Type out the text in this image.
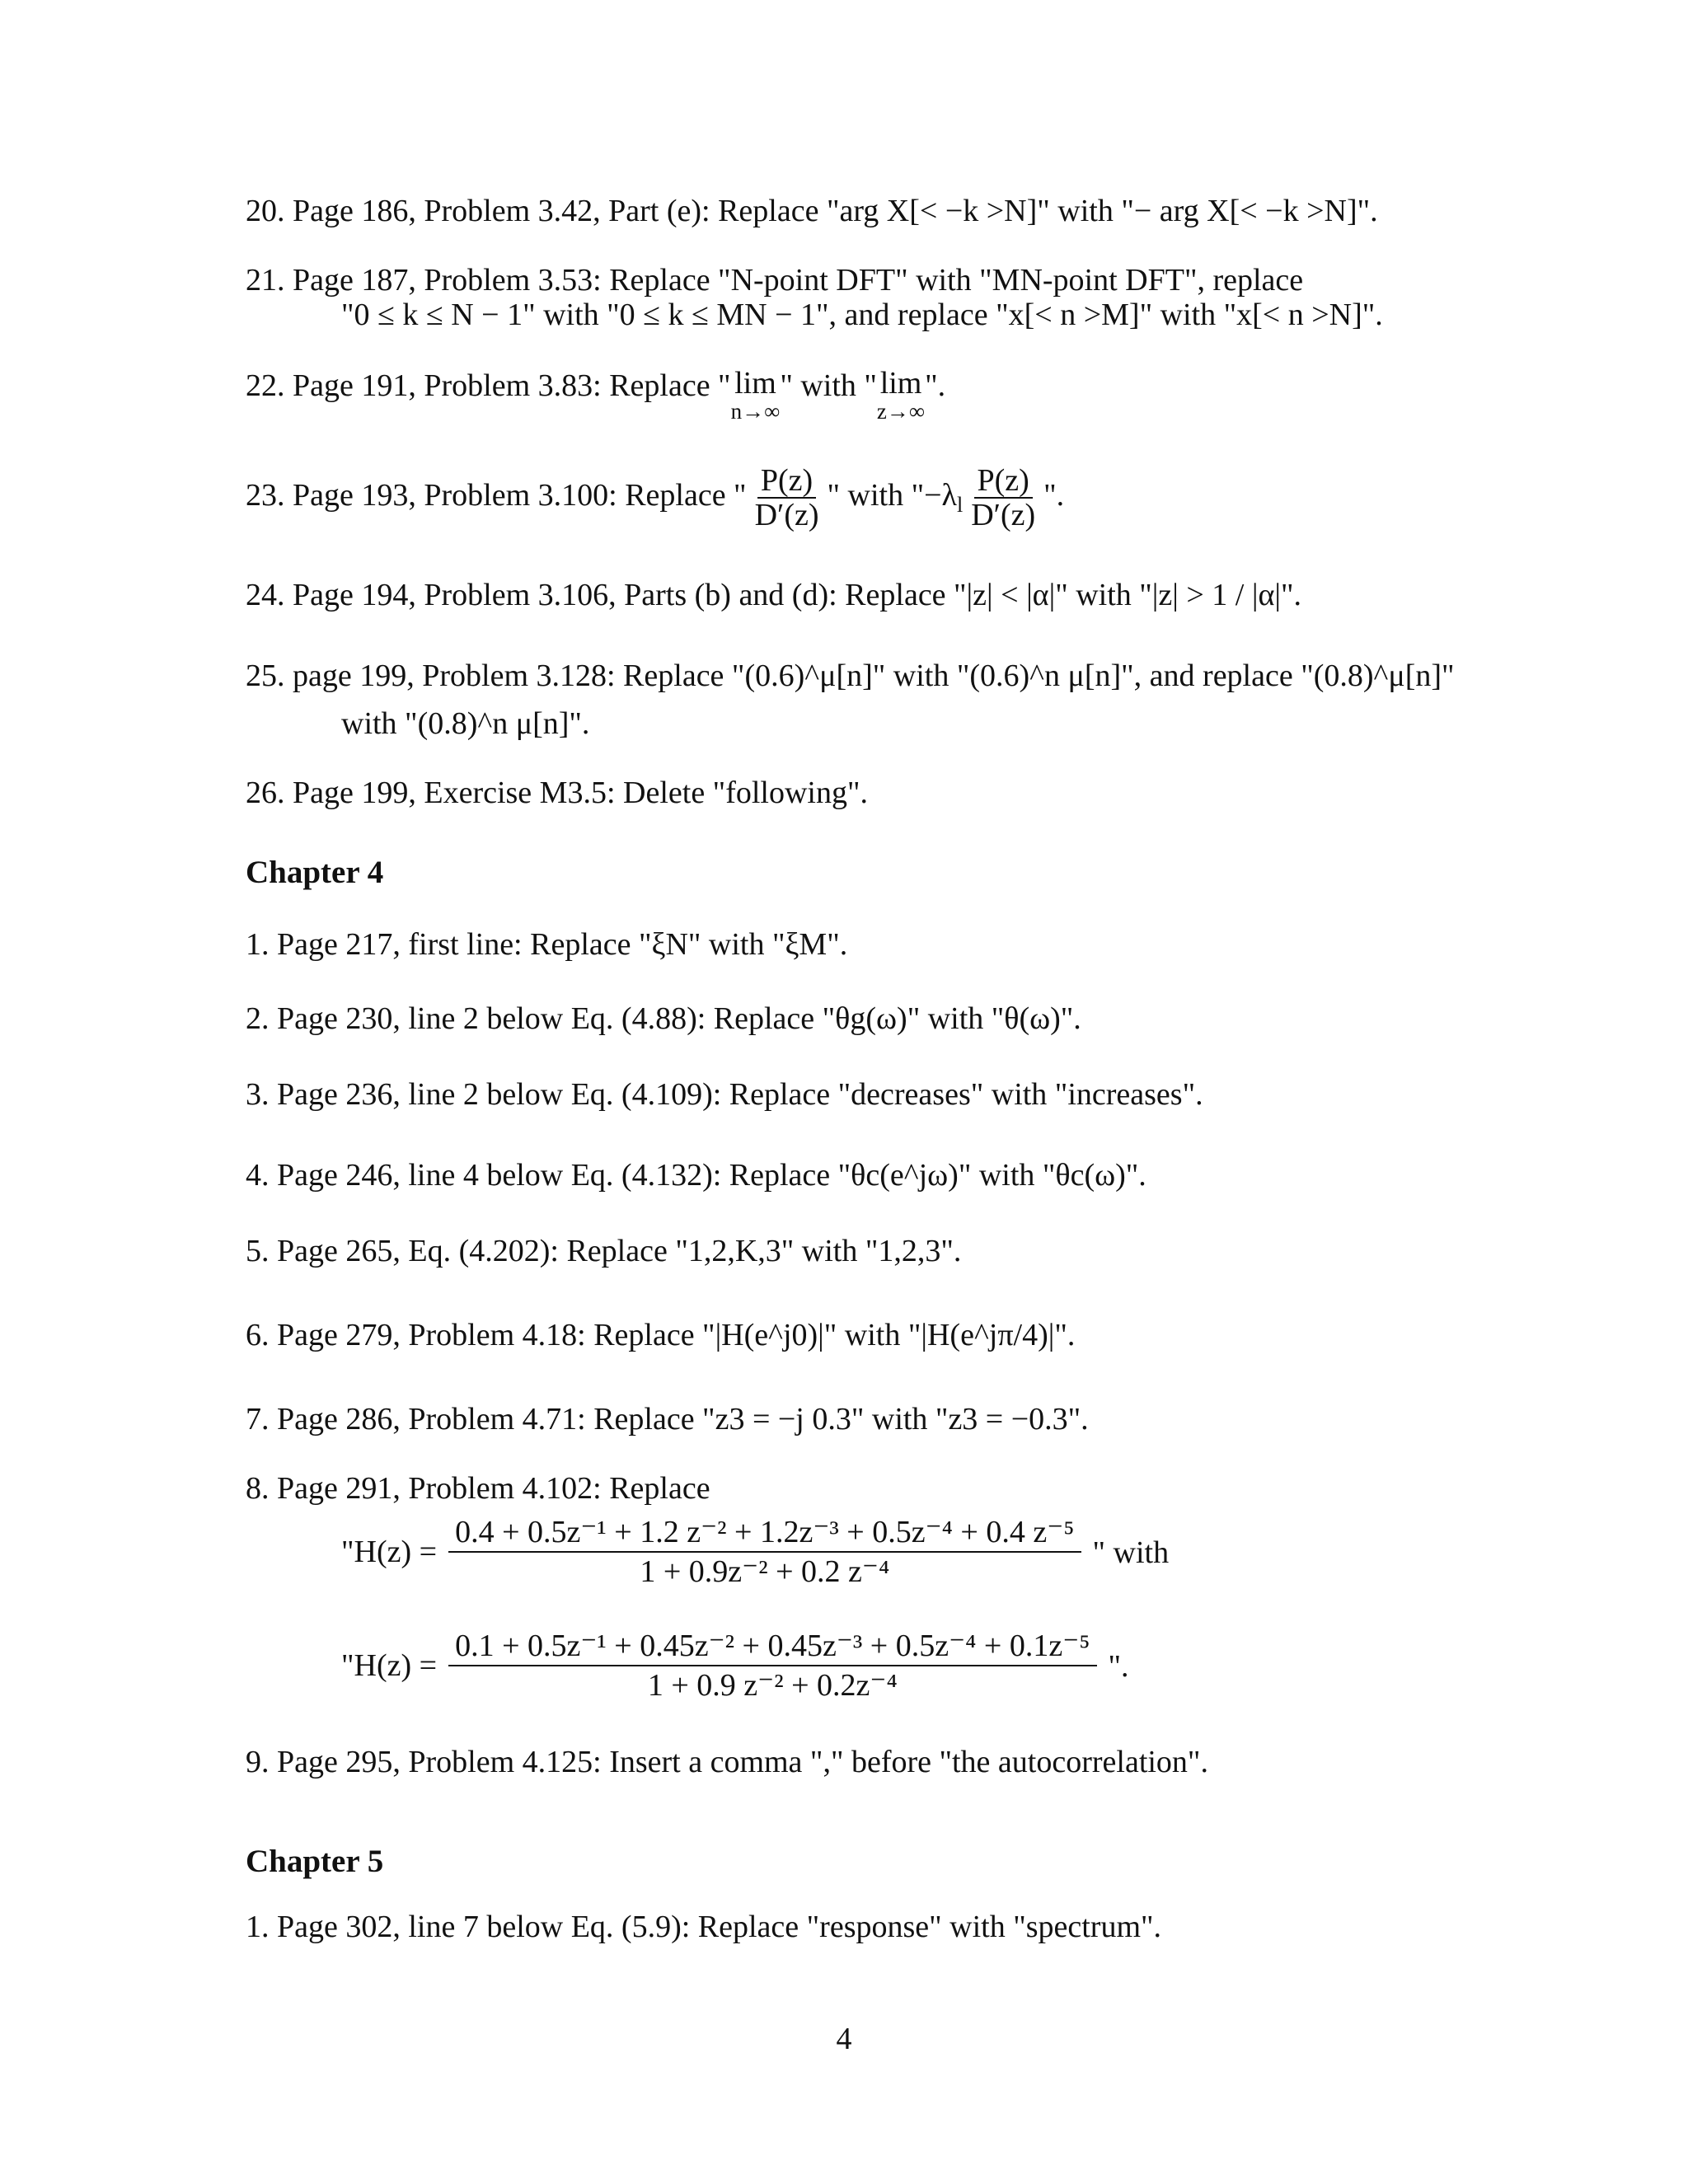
20. Page 186, Problem 3.42, Part (e): Replace "arg X[< −k >N]" with "− arg X[< −k >N]".
21. Page 187, Problem 3.53: Replace "N-point DFT" with "MN-point DFT", replace
"0 ≤ k ≤ N − 1" with "0 ≤ k ≤ MN − 1", and replace "x[< n >M]" with "x[< n >N]".
22. Page 191, Problem 3.83: Replace " lim
n→∞
" with " lim
z→∞
".
23. Page 193, Problem 3.100: Replace " $\frac{P(z)}{D'(z)}$ " with "$-\lambda_l \frac{P(z)}{D'(z)}$ ".
24. Page 194, Problem 3.106, Parts (b) and (d): Replace "|z| < |α|" with "|z| > 1 / |α|".
25. page 199, Problem 3.128: Replace "(0.6)^μ[n]" with "(0.6)^n μ[n]", and replace "(0.8)^μ[n]"
with "(0.8)^n μ[n]".
26. Page 199, Exercise M3.5: Delete "following".
Chapter 4
1. Page 217, first line: Replace "ξN" with "ξM".
2. Page 230, line 2 below Eq. (4.88): Replace "θg(ω)" with "θ(ω)".
3. Page 236, line 2 below Eq. (4.109): Replace "decreases" with "increases".
4. Page 246, line 4 below Eq. (4.132): Replace "θc(e^jω)" with "θc(ω)".
5. Page 265, Eq. (4.202): Replace "1,2,K,3" with "1,2,3".
6. Page 279, Problem 4.18: Replace "|H(e^j0)|" with "|H(e^jπ/4)|".
7. Page 286, Problem 4.71: Replace "z3 = −j 0.3" with "z3 = −0.3".
8. Page 291, Problem 4.102: Replace
"$H(z) = \frac{\text{0.4 + 0.5z⁻¹ + 1.2 z⁻² + 1.2z⁻³ + 0.5z⁻⁴ + 0.4 z⁻⁵}}{\text{1 + 0.9z⁻² + 0.2 z⁻⁴}}$ " with
"$H(z) = \frac{\text{0.1 + 0.5z⁻¹ + 0.45z⁻² + 0.45z⁻³ + 0.5z⁻⁴ + 0.1z⁻⁵}}{\text{1 + 0.9 z⁻² + 0.2z⁻⁴}}$ ".
9. Page 295, Problem 4.125: Insert a comma "," before "the autocorrelation".
Chapter 5
1. Page 302, line 7 below Eq. (5.9): Replace "response" with "spectrum".
4
